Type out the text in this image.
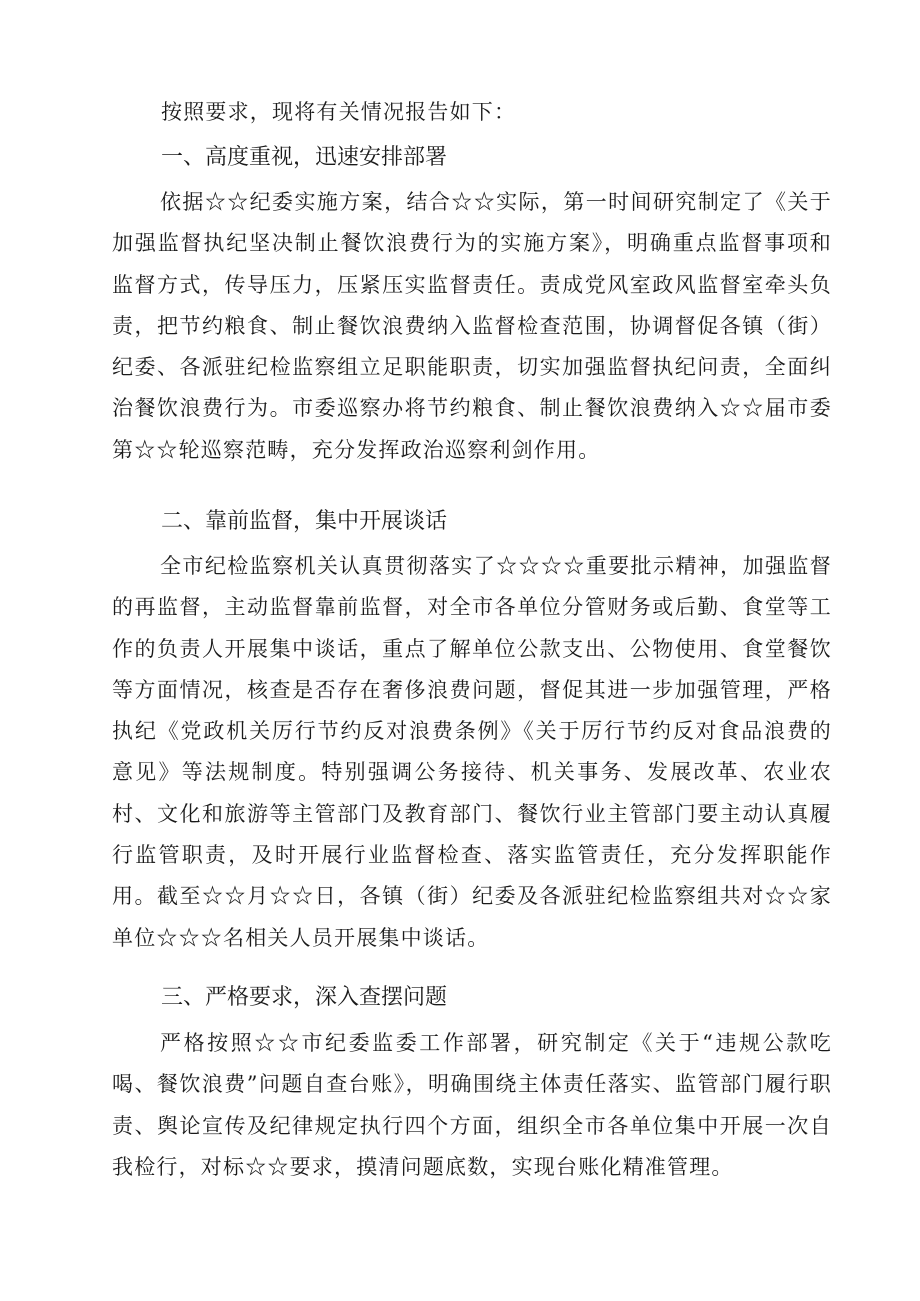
按照要求，现将有关情况报告如下：

一、高度重视，迅速安排部署

依据☆☆纪委实施方案，结合☆☆实际，第一时间研究制定了《关于加强监督执纪坚决制止餐饮浪费行为的实施方案》，明确重点监督事项和监督方式，传导压力，压紧压实监督责任。责成党风室政风监督室牵头负责，把节约粮食、制止餐饮浪费纳入监督检查范围，协调督促各镇（街）纪委、各派驻纪检监察组立足职能职责，切实加强监督执纪问责，全面纠治餐饮浪费行为。市委巡察办将节约粮食、制止餐饮浪费纳入☆☆届市委第☆☆轮巡察范畴，充分发挥政治巡察利剑作用。

二、靠前监督，集中开展谈话

全市纪检监察机关认真贯彻落实了☆☆☆☆重要批示精神，加强监督的再监督，主动监督靠前监督，对全市各单位分管财务或后勤、食堂等工作的负责人开展集中谈话，重点了解单位公款支出、公物使用、食堂餐饮等方面情况，核查是否存在奢侈浪费问题，督促其进一步加强管理，严格执纪《党政机关厉行节约反对浪费条例》《关于厉行节约反对食品浪费的意见》等法规制度。特别强调公务接待、机关事务、发展改革、农业农村、文化和旅游等主管部门及教育部门、餐饮行业主管部门要主动认真履行监管职责，及时开展行业监督检查、落实监管责任，充分发挥职能作用。截至☆☆月☆☆日，各镇（街）纪委及各派驻纪检监察组共对☆☆家单位☆☆☆名相关人员开展集中谈话。

三、严格要求，深入查摆问题

严格按照☆☆市纪委监委工作部署，研究制定《关于“违规公款吃喝、餐饮浪费”问题自查台账》，明确围绕主体责任落实、监管部门履行职责、舆论宣传及纪律规定执行四个方面，组织全市各单位集中开展一次自我检行，对标☆☆要求，摸清问题底数，实现台账化精准管理。
